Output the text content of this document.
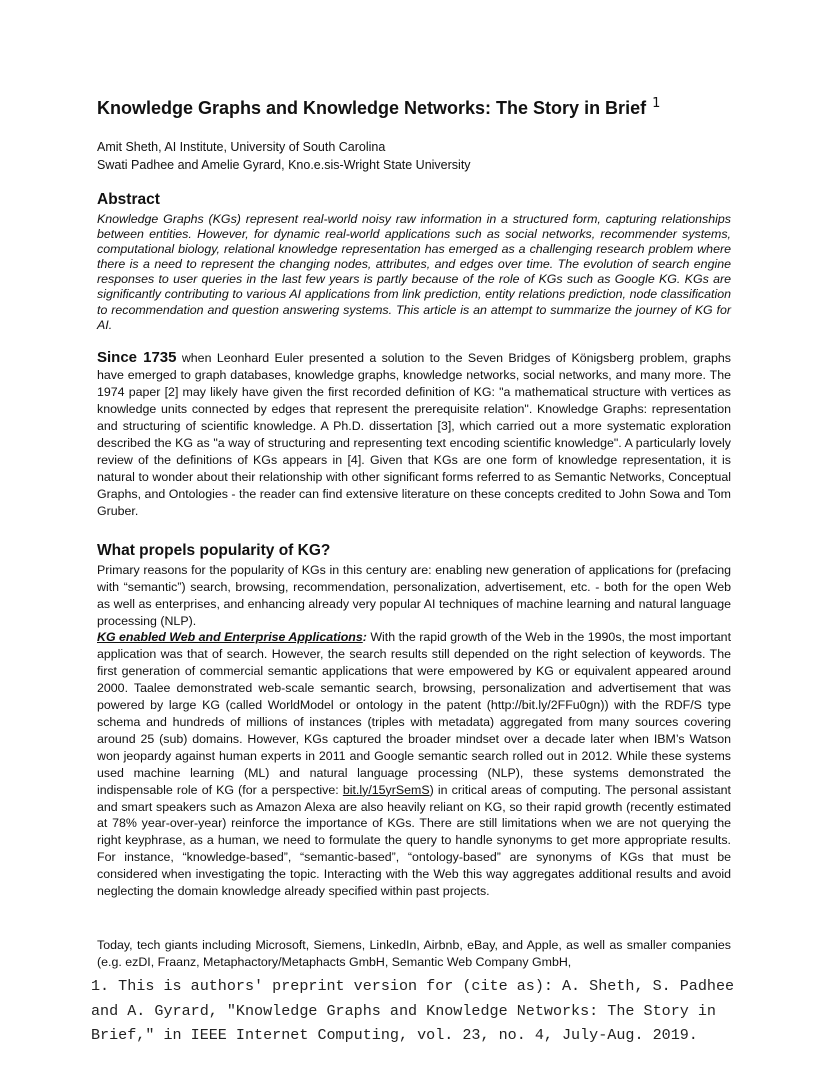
Knowledge Graphs and Knowledge Networks: The Story in Brief $^1$
Amit Sheth, AI Institute, University of South Carolina
Swati Padhee and Amelie Gyrard, Kno.e.sis-Wright State University
Abstract

Knowledge Graphs (KGs) represent real-world noisy raw information in a structured form, capturing relationships between entities. However, for dynamic real-world applications such as social networks, recommender systems, computational biology, relational knowledge representation has emerged as a challenging research problem where there is a need to represent the changing nodes, attributes, and edges over time. The evolution of search engine responses to user queries in the last few years is partly because of the role of KGs such as Google KG. KGs are significantly contributing to various AI applications from link prediction, entity relations prediction, node classification to recommendation and question answering systems. This article is an attempt to summarize the journey of KG for AI.

Since 1735 when Leonhard Euler presented a solution to the Seven Bridges of Königsberg problem, graphs have emerged to graph databases, knowledge graphs, knowledge networks, social networks, and many more. The 1974 paper [2] may likely have given the first recorded definition of KG: "a mathematical structure with vertices as knowledge units connected by edges that represent the prerequisite relation". Knowledge Graphs: representation and structuring of scientific knowledge. A Ph.D. dissertation [3], which carried out a more systematic exploration described the KG as "a way of structuring and representing text encoding scientific knowledge". A particularly lovely review of the definitions of KGs appears in [4]. Given that KGs are one form of knowledge representation, it is natural to wonder about their relationship with other significant forms referred to as Semantic Networks, Conceptual Graphs, and Ontologies - the reader can find extensive literature on these concepts credited to John Sowa and Tom Gruber.

What propels popularity of KG?

Primary reasons for the popularity of KGs in this century are: enabling new generation of applications for (prefacing with “semantic”) search, browsing, recommendation, personalization, advertisement, etc. - both for the open Web as well as enterprises, and enhancing already very popular AI techniques of machine learning and natural language processing (NLP).

KG enabled Web and Enterprise Applications: With the rapid growth of the Web in the 1990s, the most important application was that of search. However, the search results still depended on the right selection of keywords. The first generation of commercial semantic applications that were empowered by KG or equivalent appeared around 2000. Taalee demonstrated web-scale semantic search, browsing, personalization and advertisement that was powered by large KG (called WorldModel or ontology in the patent (http://bit.ly/2FFu0gn)) with the RDF/S type schema and hundreds of millions of instances (triples with metadata) aggregated from many sources covering around 25 (sub) domains. However, KGs captured the broader mindset over a decade later when IBM’s Watson won jeopardy against human experts in 2011 and Google semantic search rolled out in 2012. While these systems used machine learning (ML) and natural language processing (NLP), these systems demonstrated the indispensable role of KG (for a perspective: bit.ly/15yrSemS) in critical areas of computing. The personal assistant and smart speakers such as Amazon Alexa are also heavily reliant on KG, so their rapid growth (recently estimated at 78% year-over-year) reinforce the importance of KGs. There are still limitations when we are not querying the right keyphrase, as a human, we need to formulate the query to handle synonyms to get more appropriate results. For instance, “knowledge-based”, “semantic-based”, “ontology-based” are synonyms of KGs that must be considered when investigating the topic. Interacting with the Web this way aggregates additional results and avoid neglecting the domain knowledge already specified within past projects.

Today, tech giants including Microsoft, Siemens, LinkedIn, Airbnb, eBay, and Apple, as well as smaller companies (e.g. ezDI, Fraanz, Metaphactory/Metaphacts GmbH, Semantic Web Company GmbH,

1. This is authors' preprint version for (cite as): A. Sheth, S. Padhee
and A. Gyrard, "Knowledge Graphs and Knowledge Networks: The Story in
Brief," in IEEE Internet Computing, vol. 23, no. 4, July-Aug. 2019.
